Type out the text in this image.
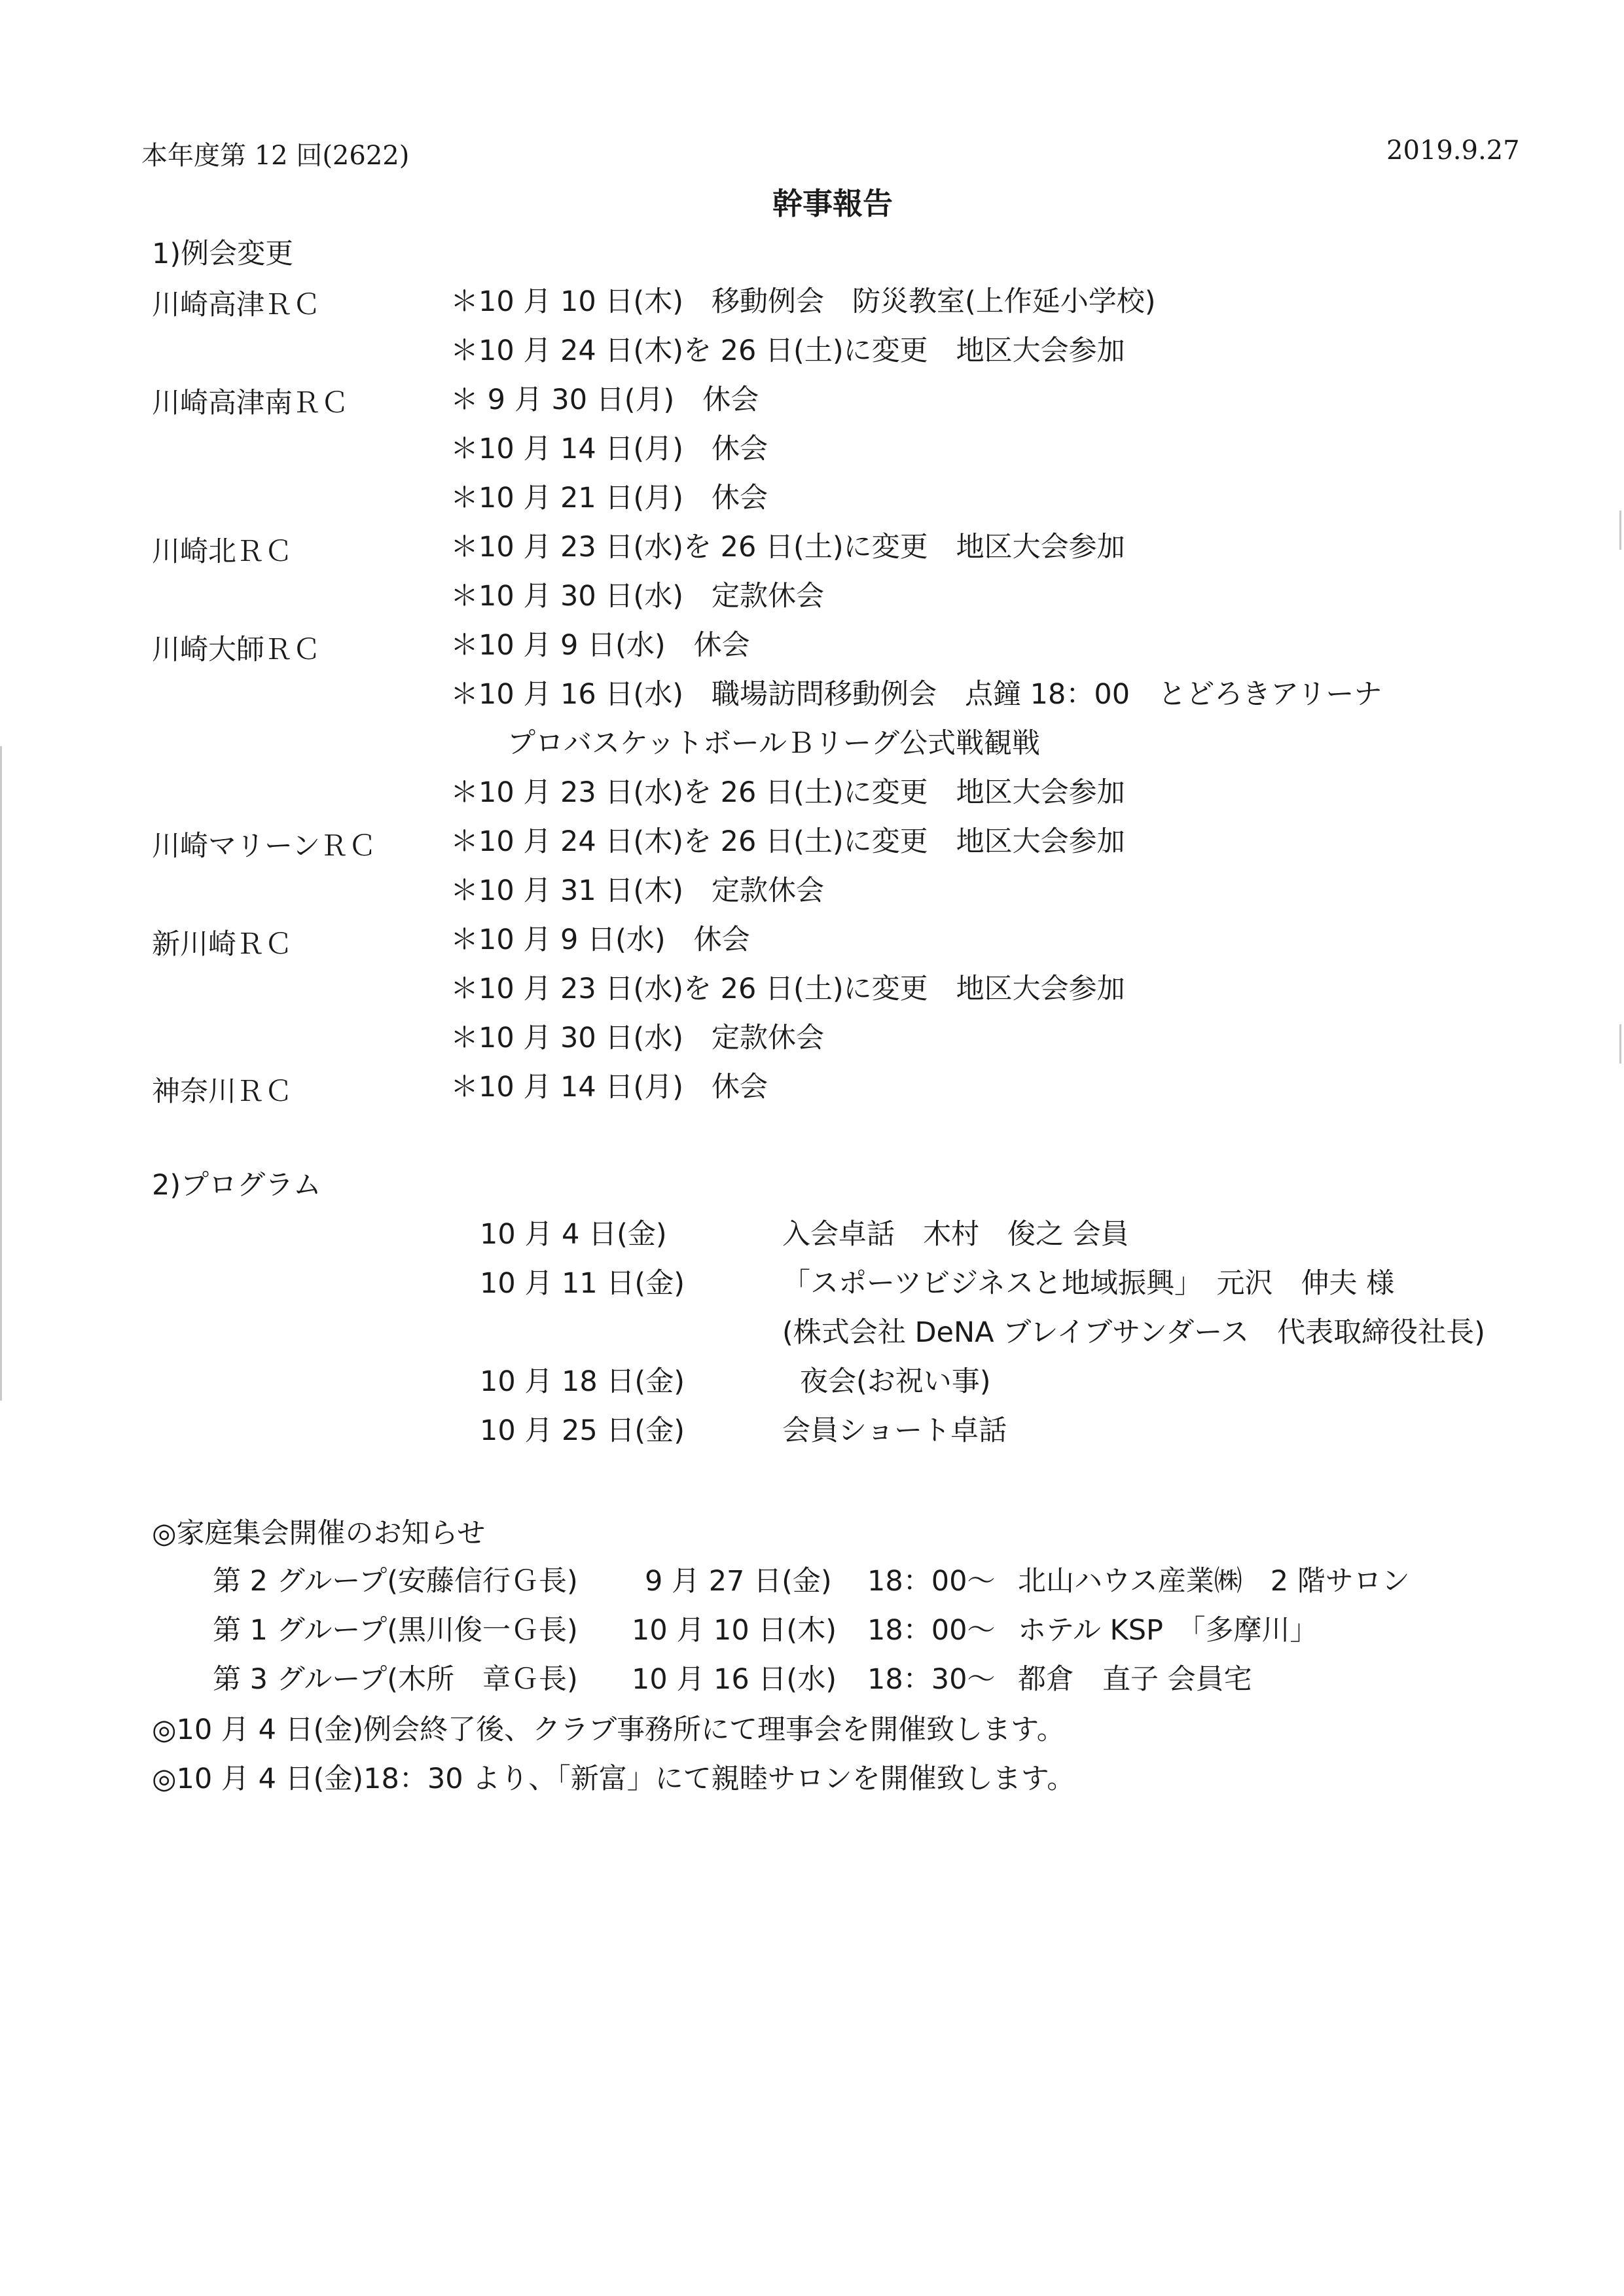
本年度第 12 回(2622)	2019.9.27
幹事報告
1)例会変更
川崎高津ＲＣ	＊10 月 10 日(木)　移動例会　防災教室(上作延小学校)
＊10 月 24 日(木)を 26 日(土)に変更　地区大会参加
川崎高津南ＲＣ	＊ 9 月 30 日(月)　休会
＊10 月 14 日(月)　休会
＊10 月 21 日(月)　休会
川崎北ＲＣ	＊10 月 23 日(水)を 26 日(土)に変更　地区大会参加
＊10 月 30 日(水)　定款休会
川崎大師ＲＣ	＊10 月 9 日(水)　休会
＊10 月 16 日(水)　職場訪問移動例会　点鐘 18：00　とどろきアリーナ
プロバスケットボールＢリーグ公式戦観戦
＊10 月 23 日(水)を 26 日(土)に変更　地区大会参加
川崎マリーンＲＣ	＊10 月 24 日(木)を 26 日(土)に変更　地区大会参加
＊10 月 31 日(木)　定款休会
新川崎ＲＣ	＊10 月 9 日(水)　休会
＊10 月 23 日(水)を 26 日(土)に変更　地区大会参加
＊10 月 30 日(水)　定款休会
神奈川ＲＣ	＊10 月 14 日(月)　休会
2)プログラム
10 月 4 日(金)	入会卓話　木村　俊之 会員
10 月 11 日(金)	「スポーツビジネスと地域振興」　元沢　伸夫 様
(株式会社 DeNA ブレイブサンダース　代表取締役社長)
10 月 18 日(金)	夜会(お祝い事)
10 月 25 日(金)	会員ショート卓話
◎家庭集会開催のお知らせ
第 2 グループ(安藤信行Ｇ長) 9 月 27 日(金) 18：00～ 北山ハウス産業㈱　2 階サロン
第 1 グループ(黒川俊一Ｇ長) 10 月 10 日(木) 18：00～ ホテル KSP　「多摩川」
第 3 グループ(木所　章Ｇ長) 10 月 16 日(水) 18：30～ 都倉　直子 会員宅
◎10 月 4 日(金)例会終了後、クラブ事務所にて理事会を開催致します。
◎10 月 4 日(金)18：30 より、「新富」にて親睦サロンを開催致します。
